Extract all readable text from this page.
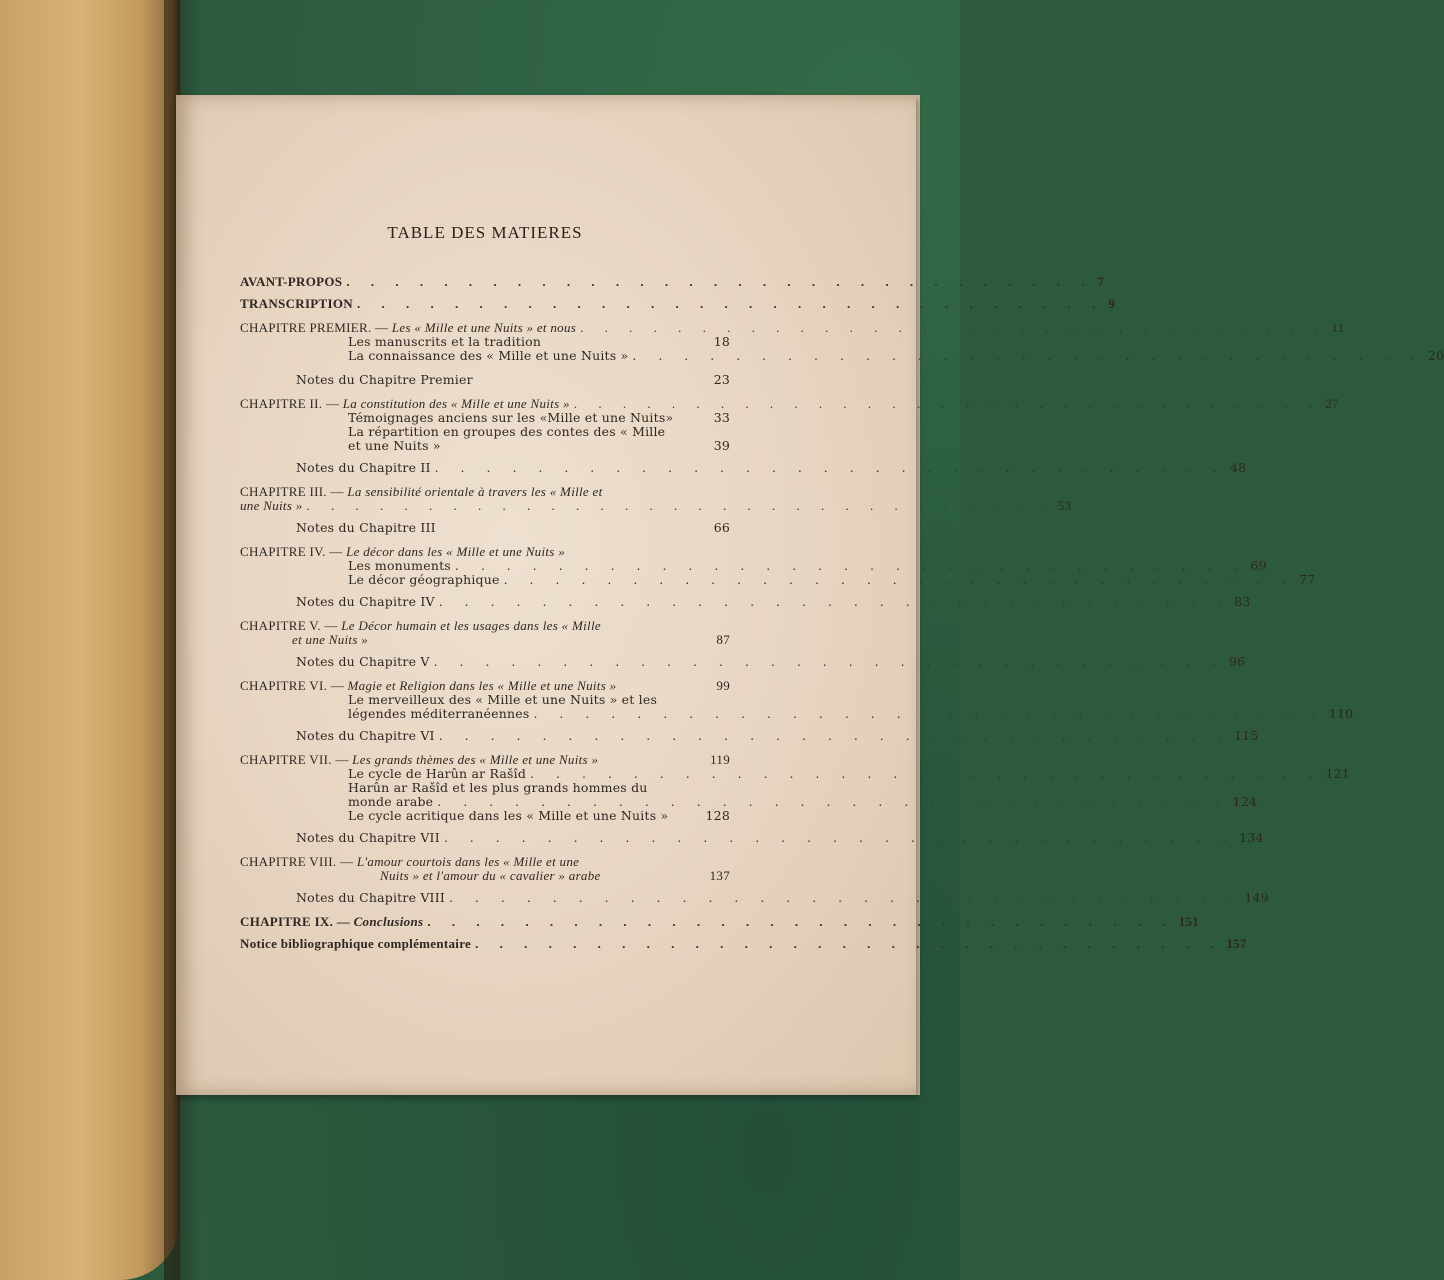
TABLE DES MATIERES
AVANT-PROPOS . . . . . . . . . . . . . . . . . . . . . . . . . . . . . . . 7
TRANSCRIPTION . . . . . . . . . . . . . . . . . . . . . . . . . . . . . . . 9
CHAPITRE PREMIER. — Les « Mille et une Nuits » et nous . . . . . . . . . . . . . . . . . . . . . . . . . . . . . . . 11
Les manuscrits et la tradition	18
La connaissance des « Mille et une Nuits » . . . . . . . . . . . . . . . . . . . . . . . . . . . . . . . 20
Notes du Chapitre Premier	23
CHAPITRE II. — La constitution des « Mille et une Nuits » . . . . . . . . . . . . . . . . . . . . . . . . . . . . . . . 27
Témoignages anciens sur les «Mille et une Nuits»	33
La répartition en groupes des contes des « Mille
et une Nuits »	39
Notes du Chapitre II . . . . . . . . . . . . . . . . . . . . . . . . . . . . . . . 48
CHAPITRE III. — La sensibilité orientale à travers les « Mille et
une Nuits » . . . . . . . . . . . . . . . . . . . . . . . . . . . . . . . 53
Notes du Chapitre III	66
CHAPITRE IV. — Le décor dans les « Mille et une Nuits »
Les monuments . . . . . . . . . . . . . . . . . . . . . . . . . . . . . . . 69
Le décor géographique . . . . . . . . . . . . . . . . . . . . . . . . . . . . . . . 77
Notes du Chapitre IV . . . . . . . . . . . . . . . . . . . . . . . . . . . . . . . 83
CHAPITRE V. — Le Décor humain et les usages dans les « Mille
et une Nuits »	87
Notes du Chapitre V . . . . . . . . . . . . . . . . . . . . . . . . . . . . . . . 96
CHAPITRE VI. — Magie et Religion dans les « Mille et une Nuits »	99
Le merveilleux des « Mille et une Nuits » et les
légendes méditerranéennes . . . . . . . . . . . . . . . . . . . . . . . . . . . . . . . 110
Notes du Chapitre VI . . . . . . . . . . . . . . . . . . . . . . . . . . . . . . . 115
CHAPITRE VII. — Les grands thèmes des « Mille et une Nuits »	119
Le cycle de Harûn ar Rašîd . . . . . . . . . . . . . . . . . . . . . . . . . . . . . . . 121
Harûn ar Rašîd et les plus grands hommes du
monde arabe . . . . . . . . . . . . . . . . . . . . . . . . . . . . . . . 124
Le cycle acritique dans les « Mille et une Nuits »	128
Notes du Chapitre VII . . . . . . . . . . . . . . . . . . . . . . . . . . . . . . . 134
CHAPITRE VIII. — L'amour courtois dans les « Mille et une
Nuits » et l'amour du « cavalier » arabe	137
Notes du Chapitre VIII . . . . . . . . . . . . . . . . . . . . . . . . . . . . . . . 149
CHAPITRE IX. — Conclusions . . . . . . . . . . . . . . . . . . . . . . . . . . . . . . . 151
Notice bibliographique complémentaire . . . . . . . . . . . . . . . . . . . . . . . . . . . . . . . 157
